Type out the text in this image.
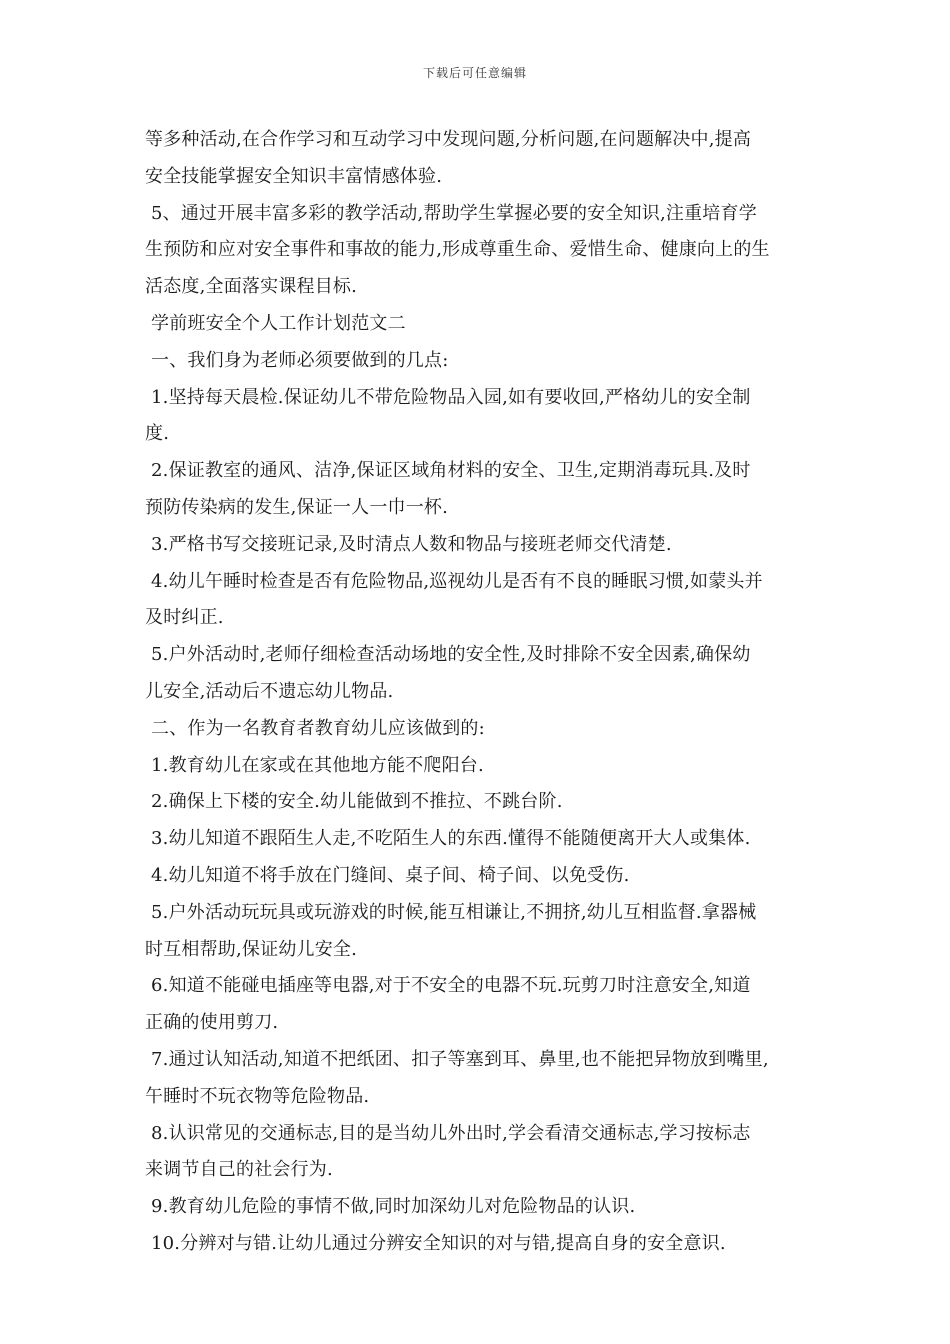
下载后可任意编辑
等多种活动,在合作学习和互动学习中发现问题,分析问题,在问题解决中,提高
安全技能掌握安全知识丰富情感体验.
5、通过开展丰富多彩的教学活动,帮助学生掌握必要的安全知识,注重培育学
生预防和应对安全事件和事故的能力,形成尊重生命、爱惜生命、健康向上的生
活态度,全面落实课程目标.
学前班安全个人工作计划范文二
一、我们身为老师必须要做到的几点:
1.坚持每天晨检.保证幼儿不带危险物品入园,如有要收回,严格幼儿的安全制
度.
2.保证教室的通风、洁净,保证区域角材料的安全、卫生,定期消毒玩具.及时
预防传染病的发生,保证一人一巾一杯.
3.严格书写交接班记录,及时清点人数和物品与接班老师交代清楚.
4.幼儿午睡时检查是否有危险物品,巡视幼儿是否有不良的睡眠习惯,如蒙头并
及时纠正.
5.户外活动时,老师仔细检查活动场地的安全性,及时排除不安全因素,确保幼
儿安全,活动后不遗忘幼儿物品.
二、作为一名教育者教育幼儿应该做到的:
1.教育幼儿在家或在其他地方能不爬阳台.
2.确保上下楼的安全.幼儿能做到不推拉、不跳台阶.
3.幼儿知道不跟陌生人走,不吃陌生人的东西.懂得不能随便离开大人或集体.
4.幼儿知道不将手放在门缝间、桌子间、椅子间、以免受伤.
5.户外活动玩玩具或玩游戏的时候,能互相谦让,不拥挤,幼儿互相监督.拿器械
时互相帮助,保证幼儿安全.
6.知道不能碰电插座等电器,对于不安全的电器不玩.玩剪刀时注意安全,知道
正确的使用剪刀.
7.通过认知活动,知道不把纸团、扣子等塞到耳、鼻里,也不能把异物放到嘴里,
午睡时不玩衣物等危险物品.
8.认识常见的交通标志,目的是当幼儿外出时,学会看清交通标志,学习按标志
来调节自己的社会行为.
9.教育幼儿危险的事情不做,同时加深幼儿对危险物品的认识.
10.分辨对与错.让幼儿通过分辨安全知识的对与错,提高自身的安全意识.
